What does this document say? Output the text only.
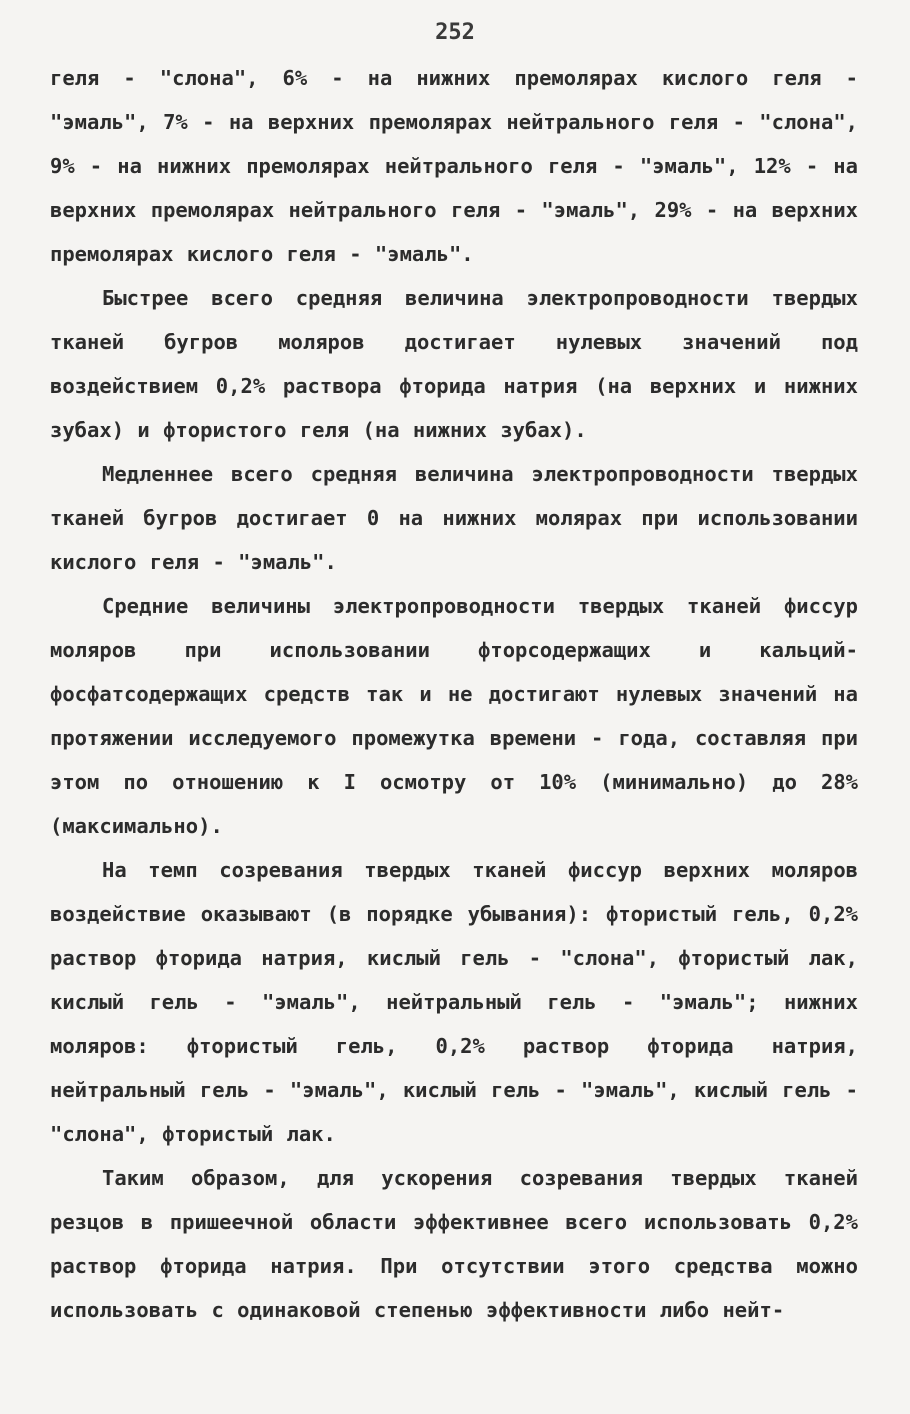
252

геля - "слона", 6% - на нижних премолярах кислого геля - "эмаль", 7% - на верхних премолярах нейтрального геля - "слона", 9% - на нижних премолярах нейтрального геля - "эмаль", 12% - на верхних премолярах нейтрального геля - "эмаль", 29% - на верхних премолярах кислого геля - "эмаль".

Быстрее всего средняя величина электропроводности твердых тканей бугров моляров достигает нулевых значений под воздействием 0,2% раствора фторида натрия (на верхних и нижних зубах) и фтористого геля (на нижних зубах).

Медленнее всего средняя величина электропроводности твердых тканей бугров достигает 0 на нижних молярах при использовании кислого геля - "эмаль".

Средние величины электропроводности твердых тканей фиссур моляров при использовании фторсодержащих и кальций-фосфатсодержащих средств так и не достигают нулевых значений на протяжении исследуемого промежутка времени - года, составляя при этом по отношению к I осмотру от 10% (минимально) до 28% (максимально).

На темп созревания твердых тканей фиссур верхних моляров воздействие оказывают (в порядке убывания): фтористый гель, 0,2% раствор фторида натрия, кислый гель - "слона", фтористый лак, кислый гель - "эмаль", нейтральный гель - "эмаль"; нижних моляров: фтористый гель, 0,2% раствор фторида натрия, нейтральный гель - "эмаль", кислый гель - "эмаль", кислый гель - "слона", фтористый лак.

Таким образом, для ускорения созревания твердых тканей резцов в пришеечной области эффективнее всего использовать 0,2% раствор фторида натрия. При отсутствии этого средства можно использовать с одинаковой степенью эффективности либо нейт-
